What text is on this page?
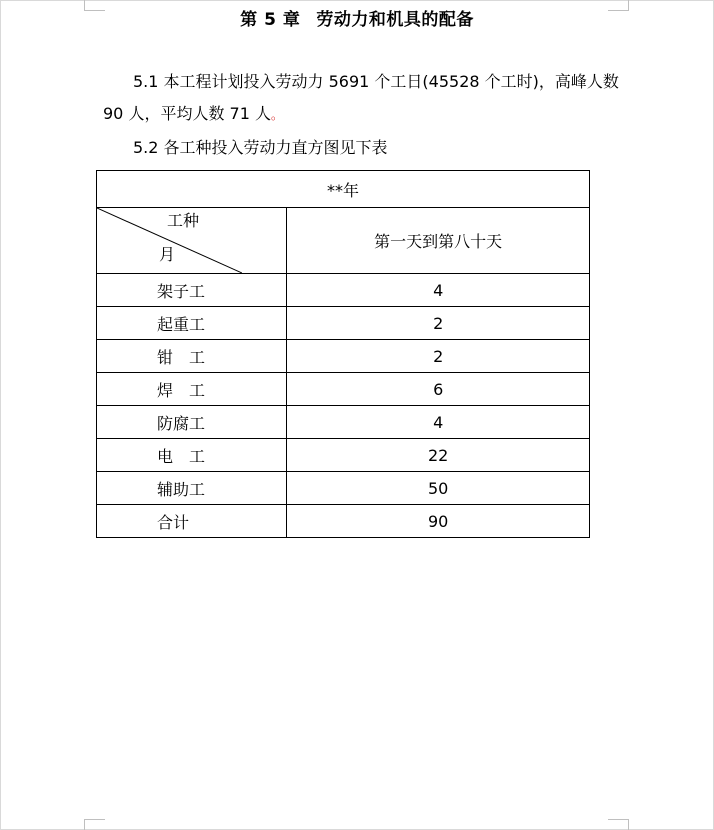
第 5 章 劳动力和机具的配备
5.1 本工程计划投入劳动力 5691 个工日(45528 个工时)，高峰人数 90 人，平均人数 71 人。
5.2 各工种投入劳动力直方图见下表
**年	

工种
月	第一天到第八十天
架子工	4
起重工	2
钳　工	2
焊　工	6
防腐工	4
电　工	22
辅助工	50
合计	90
